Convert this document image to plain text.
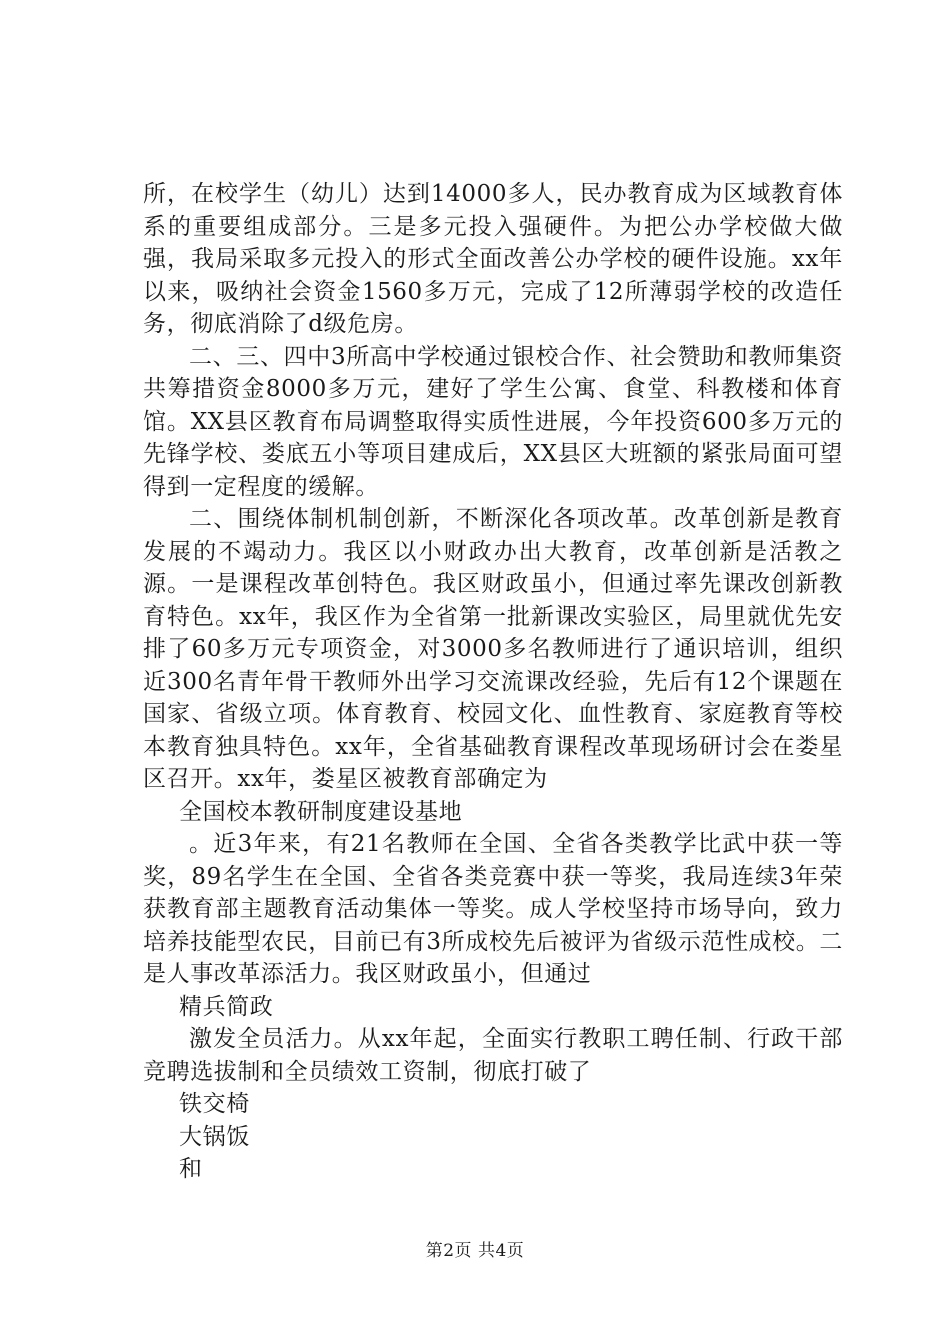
所，在校学生（幼儿）达到14000多人，民办教育成为区域教育体系的重要组成部分。三是多元投入强硬件。为把公办学校做大做强，我局采取多元投入的形式全面改善公办学校的硬件设施。xx年以来，吸纳社会资金1560多万元，完成了12所薄弱学校的改造任务，彻底消除了d级危房。

二、三、四中3所高中学校通过银校合作、社会赞助和教师集资共筹措资金8000多万元，建好了学生公寓、食堂、科教楼和体育馆。XX县区教育布局调整取得实质性进展，今年投资600多万元的先锋学校、娄底五小等项目建成后，XX县区大班额的紧张局面可望得到一定程度的缓解。

二、围绕体制机制创新，不断深化各项改革。改革创新是教育发展的不竭动力。我区以小财政办出大教育，改革创新是活教之源。一是课程改革创特色。我区财政虽小，但通过率先课改创新教育特色。xx年，我区作为全省第一批新课改实验区，局里就优先安排了60多万元专项资金，对3000多名教师进行了通识培训，组织近300名青年骨干教师外出学习交流课改经验，先后有12个课题在国家、省级立项。体育教育、校园文化、血性教育、家庭教育等校本教育独具特色。xx年，全省基础教育课程改革现场研讨会在娄星区召开。xx年，娄星区被教育部确定为

全国校本教研制度建设基地

。近3年来，有21名教师在全国、全省各类教学比武中获一等奖，89名学生在全国、全省各类竞赛中获一等奖，我局连续3年荣获教育部主题教育活动集体一等奖。成人学校坚持市场导向，致力培养技能型农民，目前已有3所成校先后被评为省级示范性成校。二是人事改革添活力。我区财政虽小，但通过

精兵简政

激发全员活力。从xx年起，全面实行教职工聘任制、行政干部竞聘选拔制和全员绩效工资制，彻底打破了

铁交椅

大锅饭

和

第2页 共4页
